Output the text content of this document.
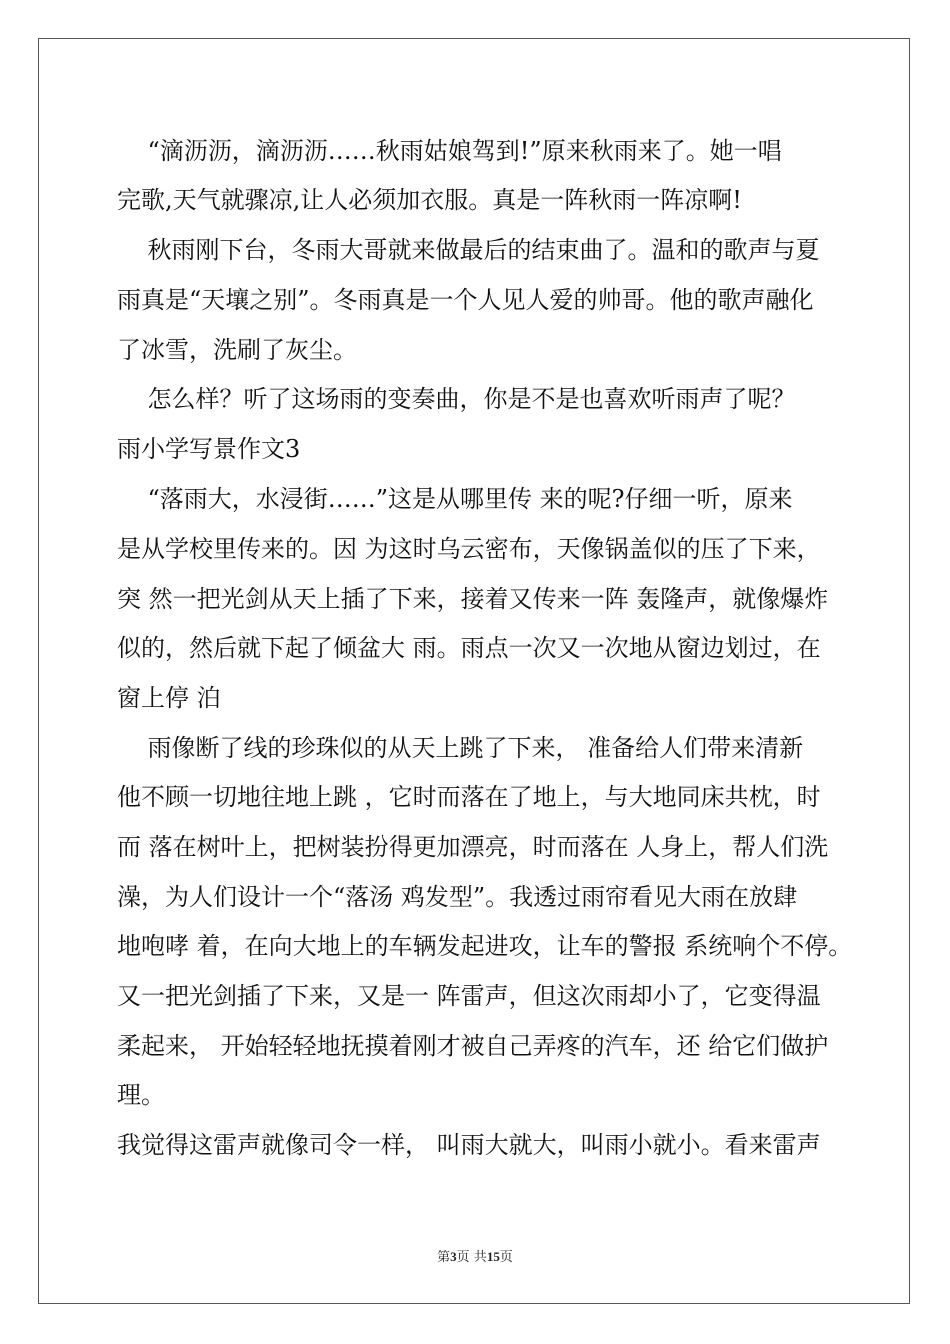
“滴沥沥，滴沥沥……秋雨姑娘驾到!”原来秋雨来了。她一唱
完歌,天气就骤凉,让人必须加衣服。真是一阵秋雨一阵凉啊!
秋雨刚下台，冬雨大哥就来做最后的结束曲了。温和的歌声与夏
雨真是“天壤之别”。冬雨真是一个人见人爱的帅哥。他的歌声融化
了冰雪，洗刷了灰尘。
怎么样？听了这场雨的变奏曲，你是不是也喜欢听雨声了呢？
雨小学写景作文3
“落雨大，水浸街……”这是从哪里传 来的呢?仔细一听，原来
是从学校里传来的。因 为这时乌云密布，天像锅盖似的压了下来，
突 然一把光剑从天上插了下来，接着又传来一阵 轰隆声，就像爆炸
似的，然后就下起了倾盆大 雨。雨点一次又一次地从窗边划过，在
窗上停 泊
雨像断了线的珍珠似的从天上跳了下来， 准备给人们带来清新
他不顾一切地往地上跳 ，它时而落在了地上，与大地同床共枕，时
而 落在树叶上，把树装扮得更加漂亮，时而落在 人身上，帮人们洗
澡，为人们设计一个“落汤 鸡发型”。我透过雨帘看见大雨在放肆
地咆哮 着，在向大地上的车辆发起进攻，让车的警报 系统响个不停。
又一把光剑插了下来，又是一 阵雷声，但这次雨却小了，它变得温
柔起来， 开始轻轻地抚摸着刚才被自己弄疼的汽车，还 给它们做护
理。
我觉得这雷声就像司令一样， 叫雨大就大，叫雨小就小。看来雷声
第3页 共15页
